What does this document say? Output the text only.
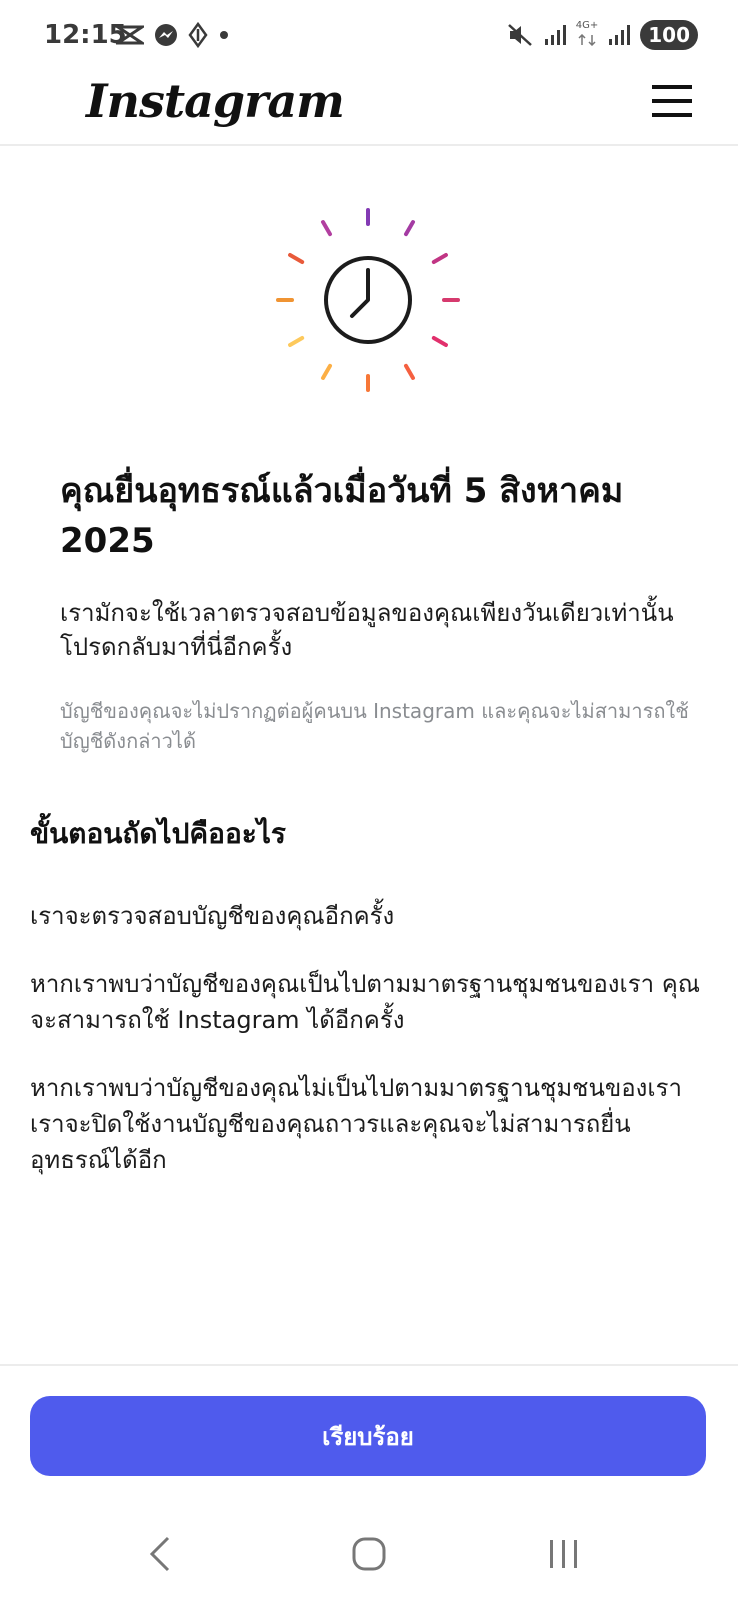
12:15	4G+	100
Instagram
คุณยื่นอุทธรณ์แล้วเมื่อวันที่ 5 สิงหาคม 2025
เรามักจะใช้เวลาตรวจสอบข้อมูลของคุณเพียงวันเดียวเท่านั้น โปรดกลับมาที่นี่อีกครั้ง
บัญชีของคุณจะไม่ปรากฏต่อผู้คนบน Instagram และคุณจะไม่สามารถใช้บัญชีดังกล่าวได้
ขั้นตอนถัดไปคืออะไร
เราจะตรวจสอบบัญชีของคุณอีกครั้ง
หากเราพบว่าบัญชีของคุณเป็นไปตามมาตรฐานชุมชนของเรา คุณจะสามารถใช้ Instagram ได้อีกครั้ง
หากเราพบว่าบัญชีของคุณไม่เป็นไปตามมาตรฐานชุมชนของเรา เราจะปิดใช้งานบัญชีของคุณถาวรและคุณจะไม่สามารถยื่นอุทธรณ์ได้อีก
เรียบร้อย
